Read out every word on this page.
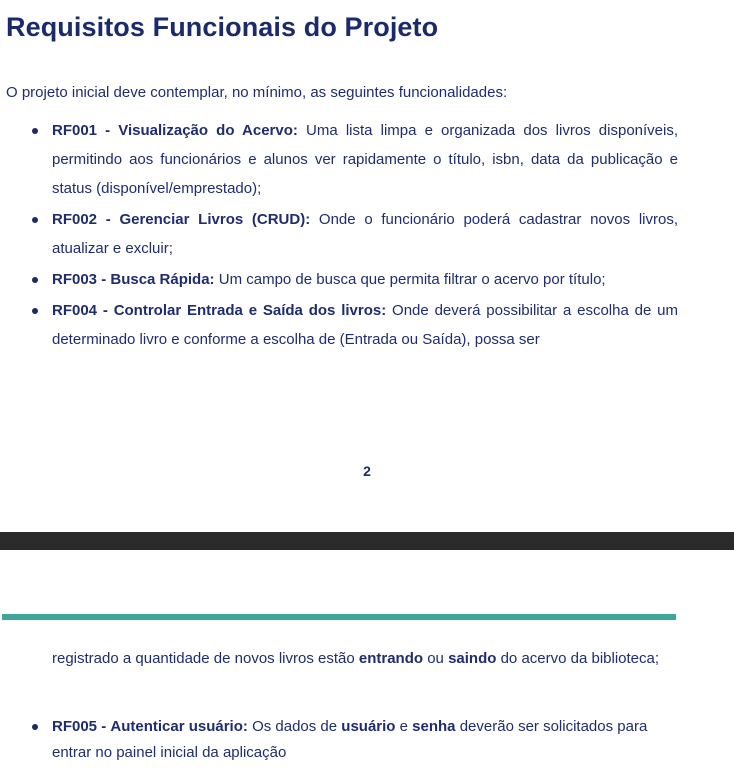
Requisitos Funcionais do Projeto

O projeto inicial deve contemplar, no mínimo, as seguintes funcionalidades:

RF001 - Visualização do Acervo: Uma lista limpa e organizada dos livros disponíveis, permitindo aos funcionários e alunos ver rapidamente o título, isbn, data da publicação e status (disponível/emprestado);
RF002 - Gerenciar Livros (CRUD): Onde o funcionário poderá cadastrar novos livros, atualizar e excluir;
RF003 - Busca Rápida: Um campo de busca que permita filtrar o acervo por título;
RF004 - Controlar Entrada e Saída dos livros: Onde deverá possibilitar a escolha de um determinado livro e conforme a escolha de (Entrada ou Saída), possa ser
2

registrado a quantidade de novos livros estão entrando ou saindo do acervo da biblioteca;

RF005 - Autenticar usuário: Os dados de usuário e senha deverão ser solicitados para entrar no painel inicial da aplicação
